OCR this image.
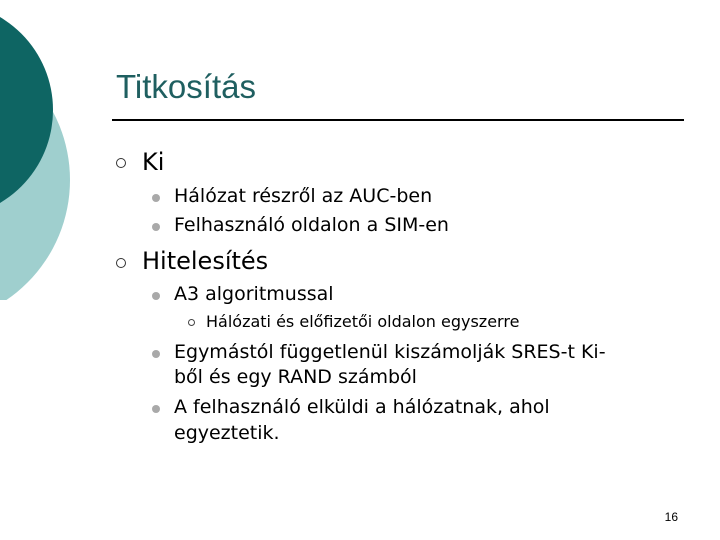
Titkosítás
Ki
Hálózat részről az AUC-ben
Felhasználó oldalon a SIM-en
Hitelesítés
A3 algoritmussal
Hálózati és előfizetői oldalon egyszerre
Egymástól függetlenül kiszámolják SRES-t Ki-
ből és egy RAND számból
A felhasználó elküldi a hálózatnak, ahol
egyeztetik.
16
